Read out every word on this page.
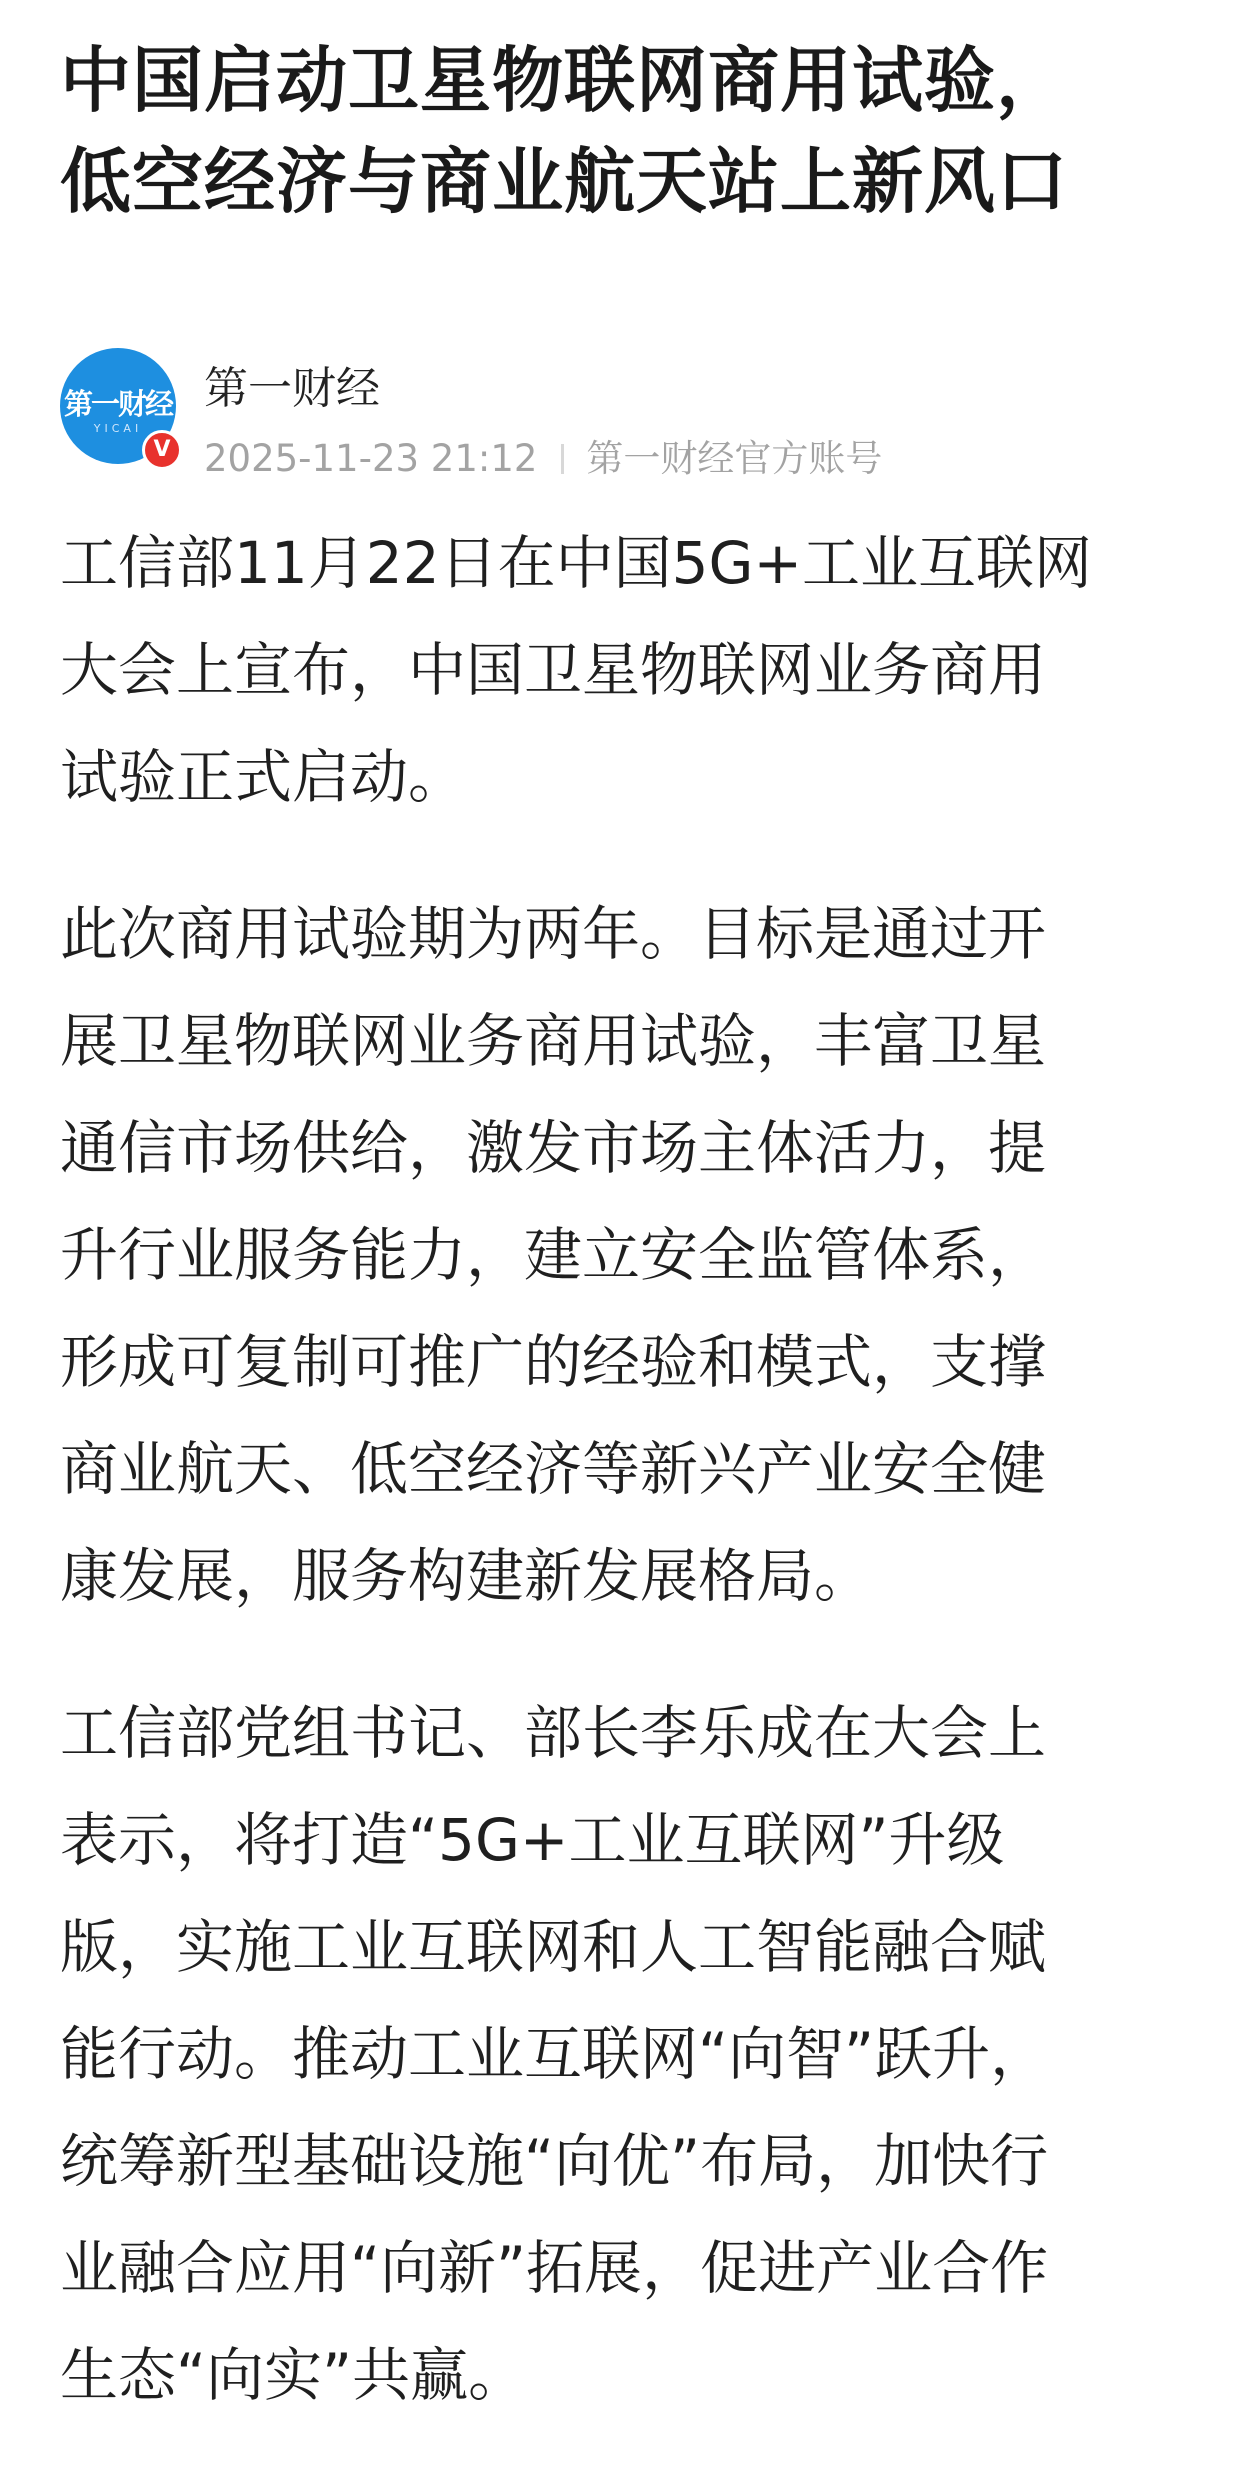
中国启动卫星物联网商用试验，
低空经济与商业航天站上新风口
第一财经
YICAI
V
第一财经
2025-11-23 21:12 第一财经官方账号

工信部11月22日在中国5G+工业互联网
大会上宣布，中国卫星物联网业务商用
试验正式启动。

此次商用试验期为两年。目标是通过开
展卫星物联网业务商用试验，丰富卫星
通信市场供给，激发市场主体活力，提
升行业服务能力，建立安全监管体系，
形成可复制可推广的经验和模式，支撑
商业航天、低空经济等新兴产业安全健
康发展，服务构建新发展格局。

工信部党组书记、部长李乐成在大会上
表示，将打造“5G+工业互联网”升级
版，实施工业互联网和人工智能融合赋
能行动。推动工业互联网“向智”跃升，
统筹新型基础设施“向优”布局，加快行
业融合应用“向新”拓展，促进产业合作
生态“向实”共赢。
